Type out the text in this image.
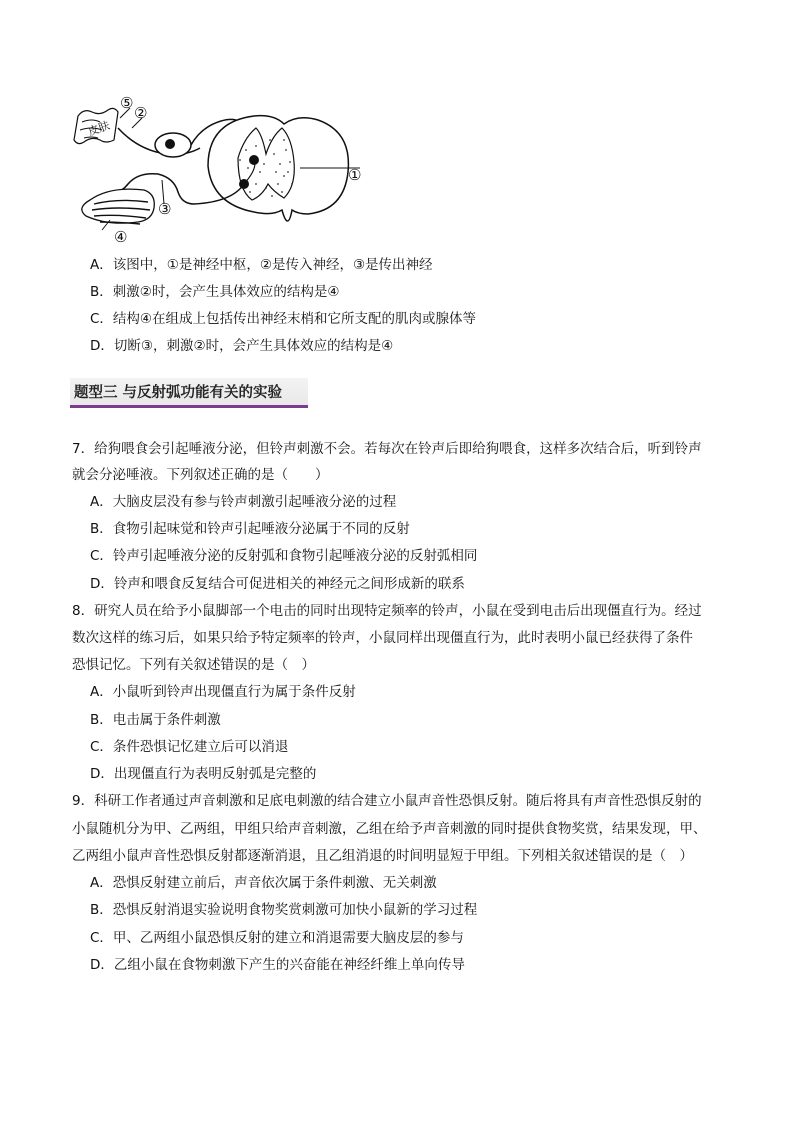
皮肤
⑤
②
③
④
①
A．该图中，①是神经中枢，②是传入神经，③是传出神经
B．刺激②时，会产生具体效应的结构是④
C．结构④在组成上包括传出神经末梢和它所支配的肌肉或腺体等
D．切断③，刺激②时，会产生具体效应的结构是④
题型三 与反射弧功能有关的实验
7．给狗喂食会引起唾液分泌，但铃声刺激不会。若每次在铃声后即给狗喂食，这样多次结合后，听到铃声
就会分泌唾液。下列叙述正确的是（　　）
A．大脑皮层没有参与铃声刺激引起唾液分泌的过程
B．食物引起味觉和铃声引起唾液分泌属于不同的反射
C．铃声引起唾液分泌的反射弧和食物引起唾液分泌的反射弧相同
D．铃声和喂食反复结合可促进相关的神经元之间形成新的联系
8．研究人员在给予小鼠脚部一个电击的同时出现特定频率的铃声，小鼠在受到电击后出现僵直行为。经过
数次这样的练习后，如果只给予特定频率的铃声，小鼠同样出现僵直行为，此时表明小鼠已经获得了条件
恐惧记忆。下列有关叙述错误的是（　）
A．小鼠听到铃声出现僵直行为属于条件反射
B．电击属于条件刺激
C．条件恐惧记忆建立后可以消退
D．出现僵直行为表明反射弧是完整的
9．科研工作者通过声音刺激和足底电刺激的结合建立小鼠声音性恐惧反射。随后将具有声音性恐惧反射的
小鼠随机分为甲、乙两组，甲组只给声音刺激，乙组在给予声音刺激的同时提供食物奖赏，结果发现，甲、
乙两组小鼠声音性恐惧反射都逐渐消退，且乙组消退的时间明显短于甲组。下列相关叙述错误的是（　）
A．恐惧反射建立前后，声音依次属于条件刺激、无关刺激
B．恐惧反射消退实验说明食物奖赏刺激可加快小鼠新的学习过程
C．甲、乙两组小鼠恐惧反射的建立和消退需要大脑皮层的参与
D．乙组小鼠在食物刺激下产生的兴奋能在神经纤维上单向传导
